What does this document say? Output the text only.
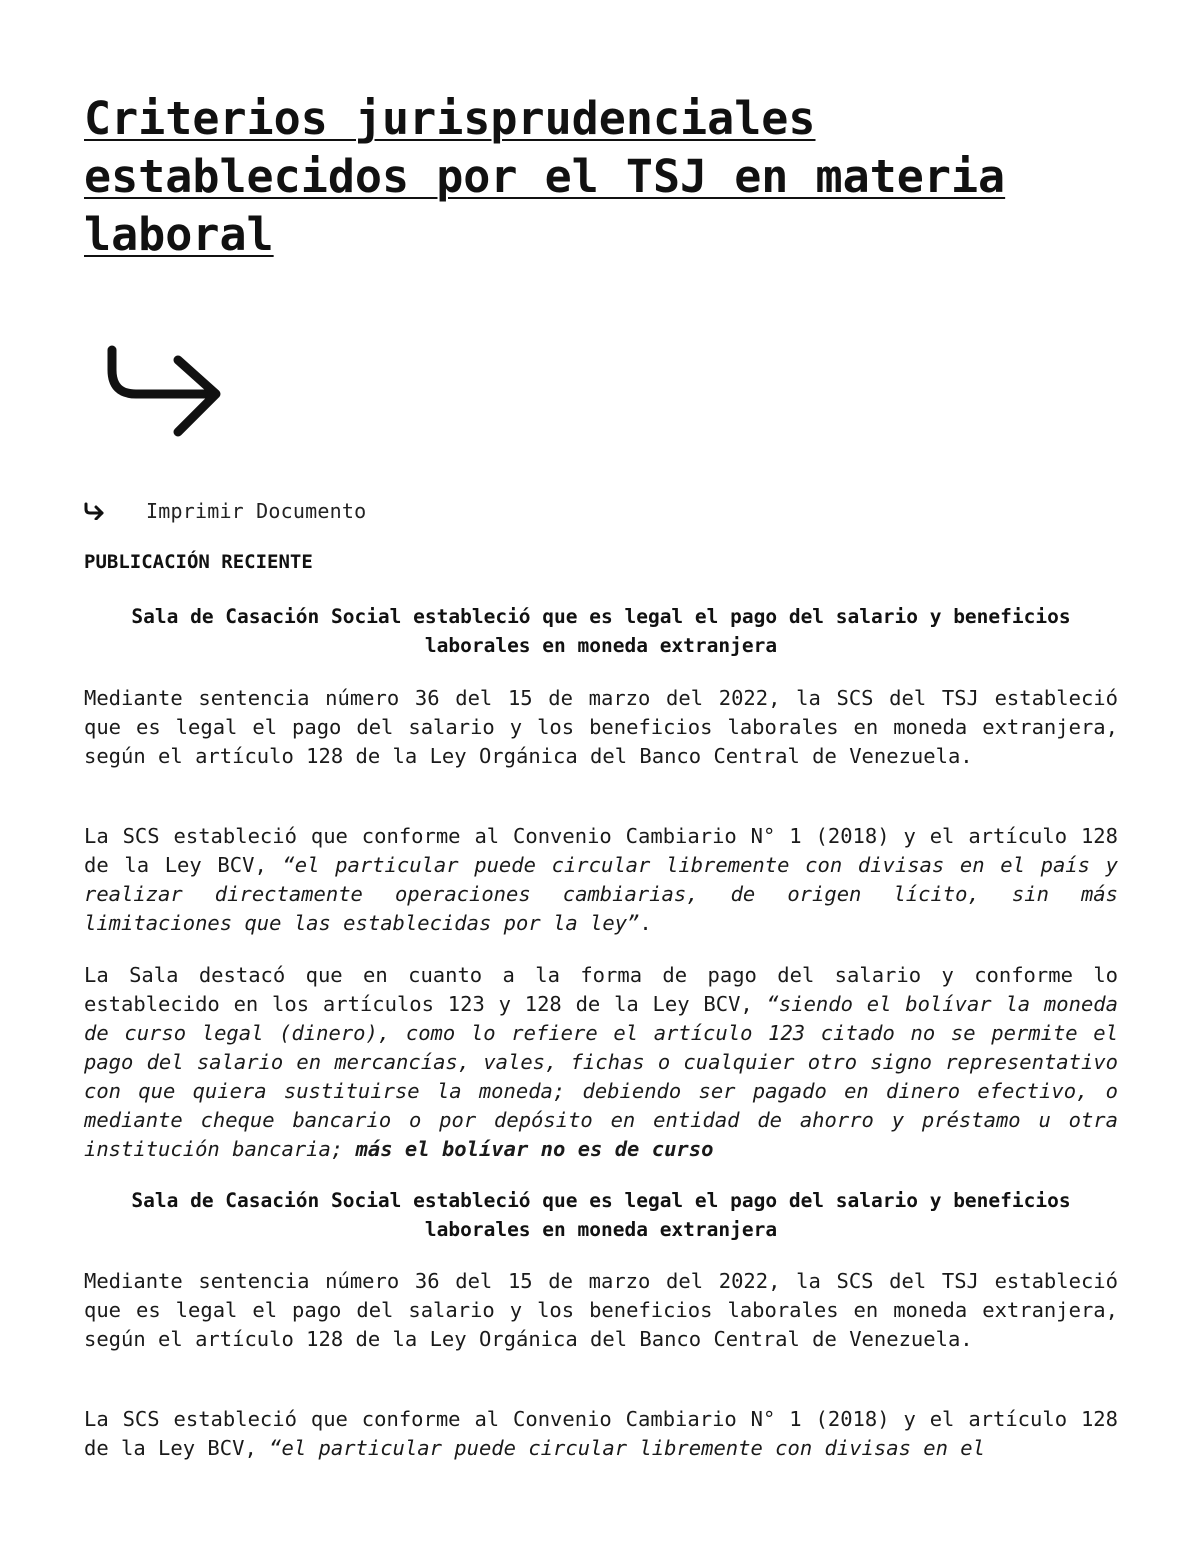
Criterios jurisprudenciales establecidos por el TSJ en materia laboral
Imprimir Documento
PUBLICACIÓN RECIENTE

Sala de Casación Social estableció que es legal el pago del salario y beneficios laborales en moneda extranjera

Mediante sentencia número 36 del 15 de marzo del 2022, la SCS del TSJ estableció que es legal el pago del salario y los beneficios laborales en moneda extranjera, según el artículo 128 de la Ley Orgánica del Banco Central de Venezuela.

La SCS estableció que conforme al Convenio Cambiario N° 1 (2018) y el artículo 128 de la Ley BCV, “el particular puede circular libremente con divisas en el país y realizar directamente operaciones cambiarias, de origen lícito, sin más limitaciones que las establecidas por la ley”.

La Sala destacó que en cuanto a la forma de pago del salario y conforme lo establecido en los artículos 123 y 128 de la Ley BCV, “siendo el bolívar la moneda de curso legal (dinero), como lo refiere el artículo 123 citado no se permite el pago del salario en mercancías, vales, fichas o cualquier otro signo representativo con que quiera sustituirse la moneda; debiendo ser pagado en dinero efectivo, o mediante cheque bancario o por depósito en entidad de ahorro y préstamo u otra institución bancaria; más el bolívar no es de curso

Sala de Casación Social estableció que es legal el pago del salario y beneficios laborales en moneda extranjera

Mediante sentencia número 36 del 15 de marzo del 2022, la SCS del TSJ estableció que es legal el pago del salario y los beneficios laborales en moneda extranjera, según el artículo 128 de la Ley Orgánica del Banco Central de Venezuela.

La SCS estableció que conforme al Convenio Cambiario N° 1 (2018) y el artículo 128 de la Ley BCV, “el particular puede circular libremente con divisas en el
